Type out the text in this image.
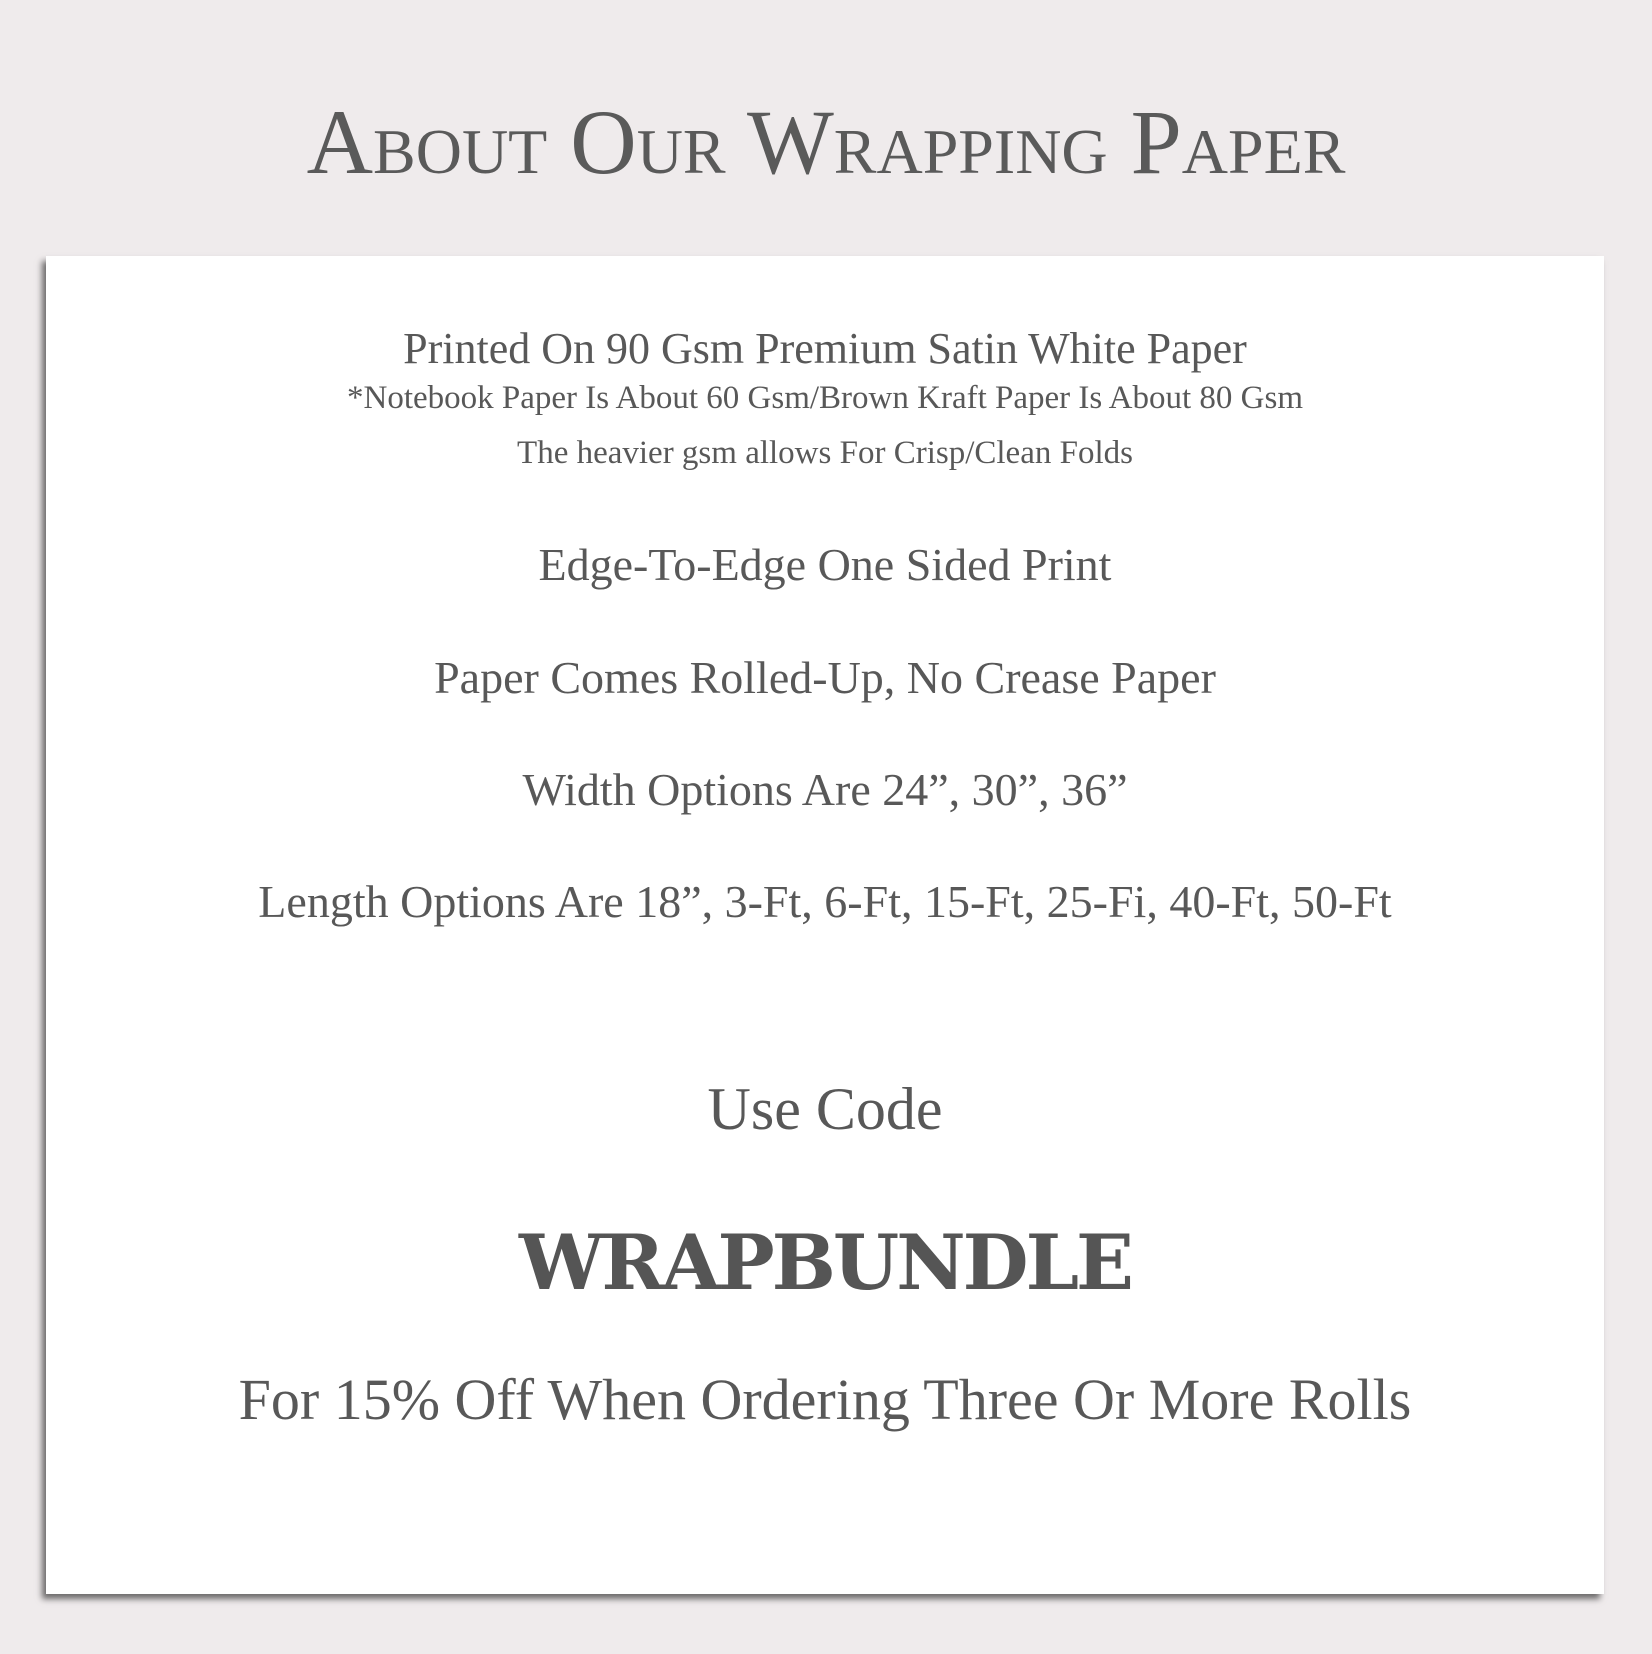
About Our Wrapping Paper
Printed On 90 Gsm Premium Satin White Paper
*Notebook Paper Is About 60 Gsm/Brown Kraft Paper Is About 80 Gsm
The heavier gsm allows For Crisp/Clean Folds
Edge-To-Edge One Sided Print
Paper Comes Rolled-Up, No Crease Paper
Width Options Are 24”, 30”, 36”
Length Options Are 18”, 3-Ft, 6-Ft, 15-Ft, 25-Fi, 40-Ft, 50-Ft
Use Code
WRAPBUNDLE
For 15% Off When Ordering Three Or More Rolls
